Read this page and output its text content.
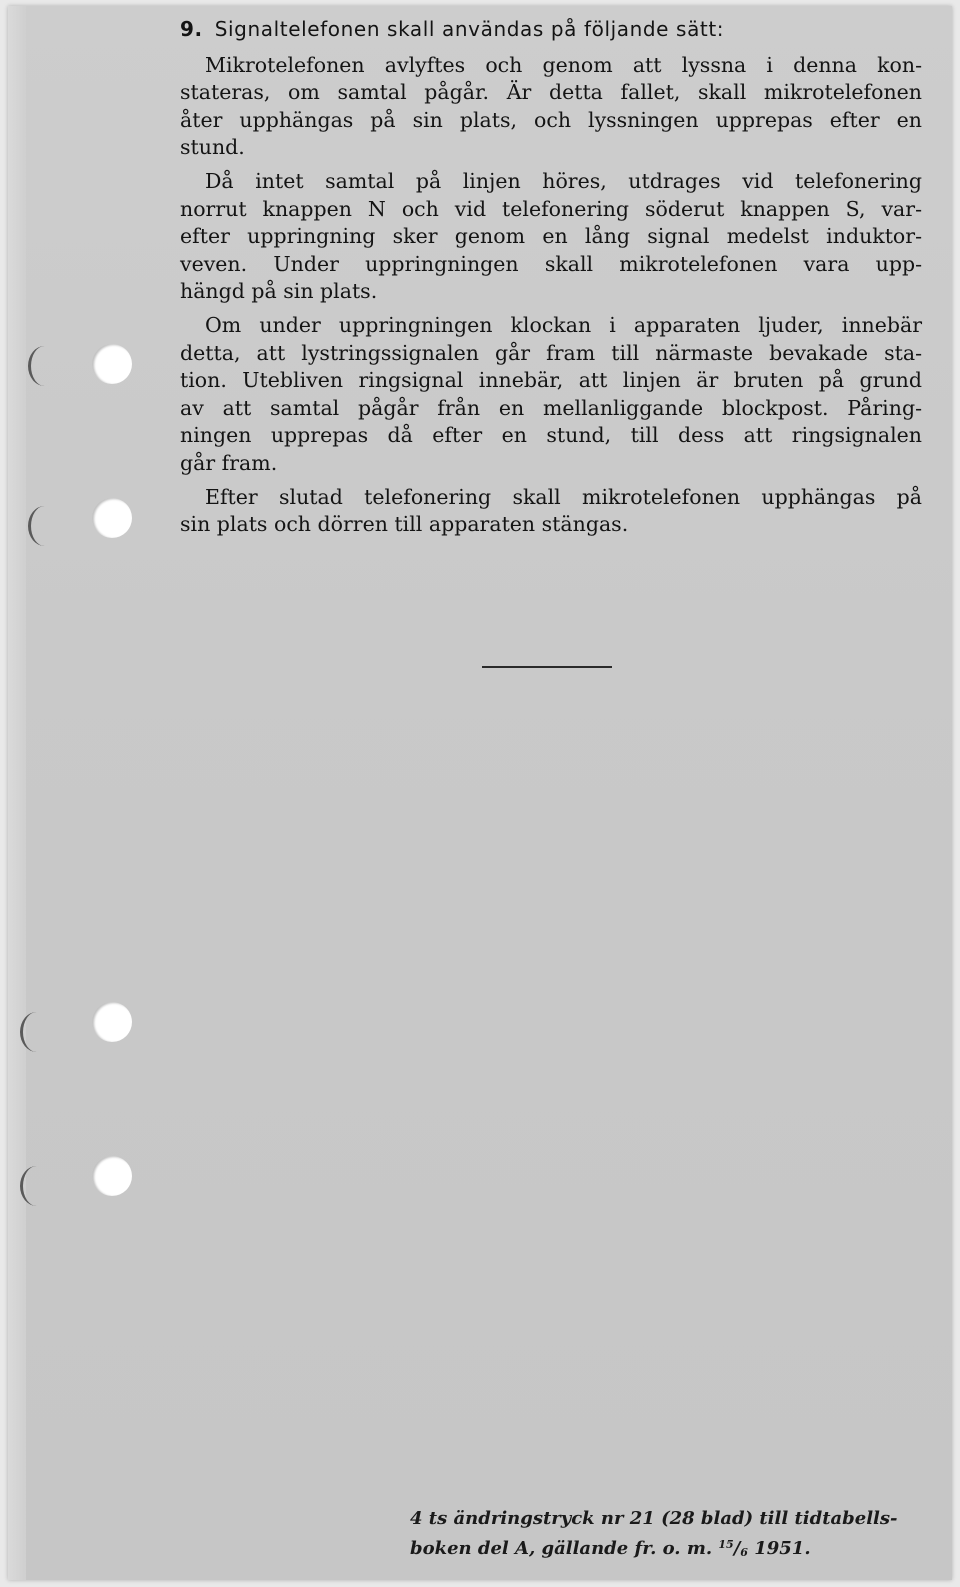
9. Signaltelefonen skall användas på följande sätt:
Mikrotelefonen avlyftes och genom att lyssna i denna kon-
stateras, om samtal pågår. Är detta fallet, skall mikrotelefonen
åter upphängas på sin plats, och lyssningen upprepas efter en
stund.
Då intet samtal på linjen höres, utdrages vid telefonering
norrut knappen N och vid telefonering söderut knappen S, var-
efter uppringning sker genom en lång signal medelst induktor-
veven. Under uppringningen skall mikrotelefonen vara upp-
hängd på sin plats.
Om under uppringningen klockan i apparaten ljuder, innebär
detta, att lystringssignalen går fram till närmaste bevakade sta-
tion. Utebliven ringsignal innebär, att linjen är bruten på grund
av att samtal pågår från en mellanliggande blockpost. Påring-
ningen upprepas då efter en stund, till dess att ringsignalen
går fram.
Efter slutad telefonering skall mikrotelefonen upphängas på
sin plats och dörren till apparaten stängas.
4 ts ändringstryck nr 21 (28 blad) till tidtabells-
boken del A, gällande fr. o. m. $^{15}$/6 1951.
